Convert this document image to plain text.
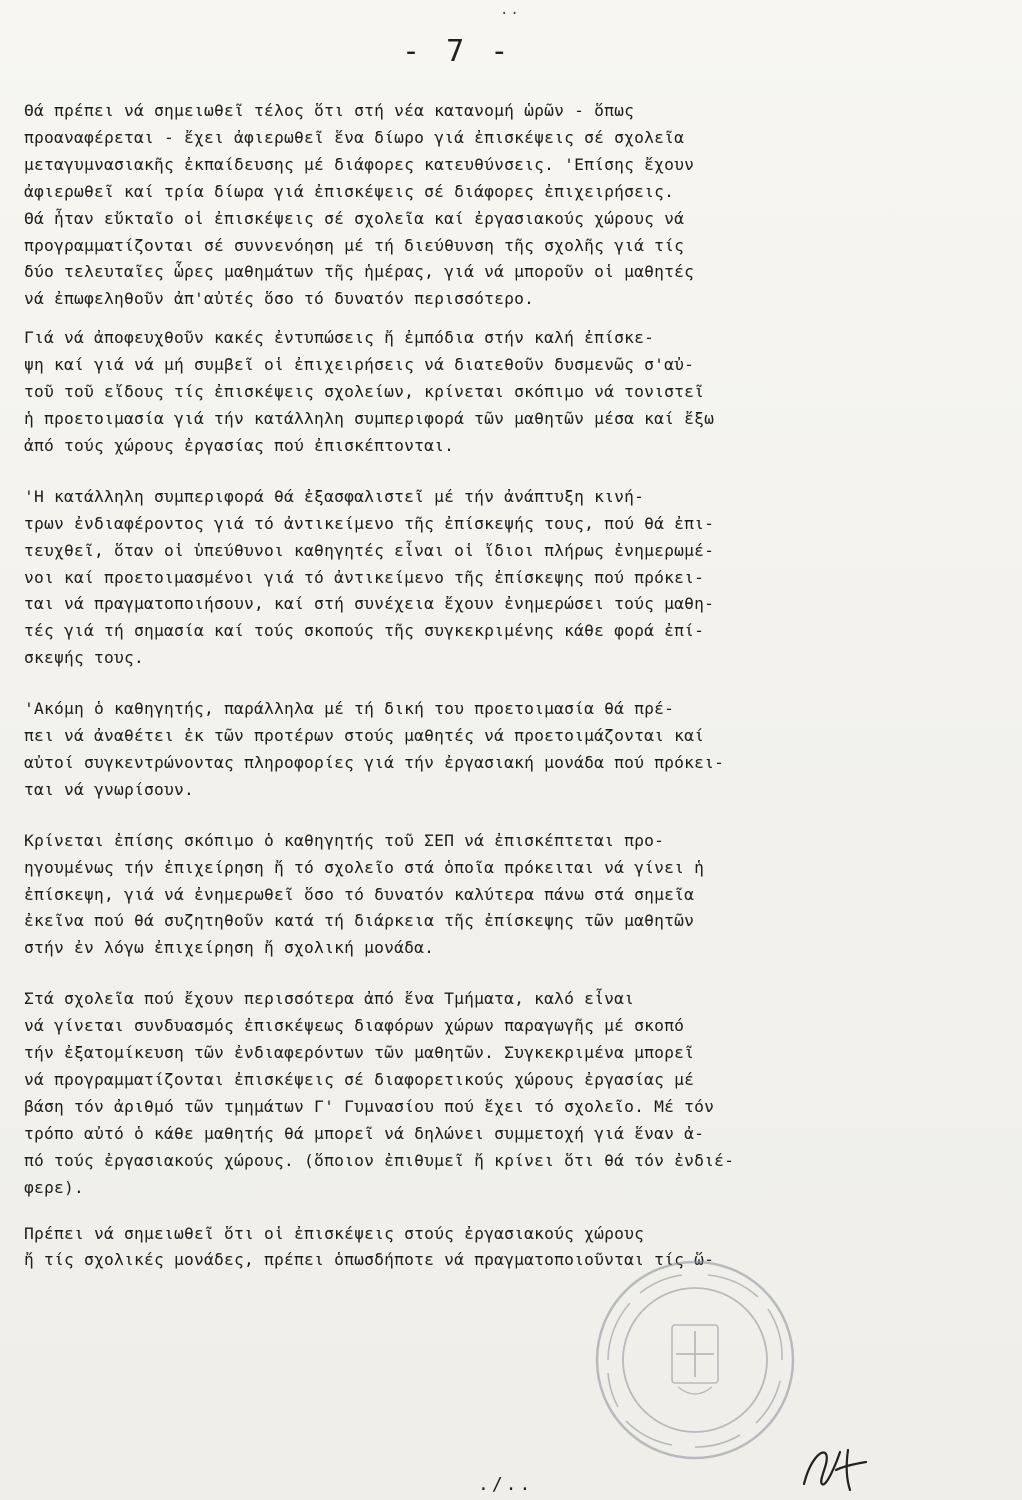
..
- 7 -

Θά πρέπει νά σημειωθεῖ τέλος ὅτι στή νέα κατανομή ὡρῶν - ὅπως

προαναφέρεται - ἔχει ἀφιερωθεῖ ἕνα δίωρο γιά ἐπισκέψεις σέ σχολεῖα

μεταγυμνασιακῆς ἐκπαίδευσης μέ διάφορες κατευθύνσεις. 'Επίσης ἔχουν

ἀφιερωθεῖ καί τρία δίωρα γιά ἐπισκέψεις σέ διάφορες ἐπιχειρήσεις.

Θά ἦταν εὔκταῖο οἱ ἐπισκέψεις σέ σχολεῖα καί ἐργασιακούς χώρους νά

προγραμματίζονται σέ συννενόηση μέ τή διεύθυνση τῆς σχολῆς γιά τίς

δύο τελευταῖες ὧρες μαθημάτων τῆς ἡμέρας, γιά νά μποροῦν οἱ μαθητές

νά ἐπωφεληθοῦν ἀπ'αὐτές ὅσο τό δυνατόν περισσότερο.

Γιά νά ἀποφευχθοῦν κακές ἐντυπώσεις ἤ ἐμπόδια στήν καλή ἐπίσκε-

ψη καί γιά νά μή συμβεῖ οἱ ἐπιχειρήσεις νά διατεθοῦν δυσμενῶς σ'αὐ-

τοῦ τοῦ εἴδους τίς ἐπισκέψεις σχολείων, κρίνεται σκόπιμο νά τονιστεῖ

ἡ προετοιμασία γιά τήν κατάλληλη συμπεριφορά τῶν μαθητῶν μέσα καί ἔξω

ἀπό τούς χώρους ἐργασίας πού ἐπισκέπτονται.

'Η κατάλληλη συμπεριφορά θά ἐξασφαλιστεῖ μέ τήν ἀνάπτυξη κινή-

τρων ἐνδιαφέροντος γιά τό ἀντικείμενο τῆς ἐπίσκεψής τους, πού θά ἐπι-

τευχθεῖ, ὅταν οἱ ὑπεύθυνοι καθηγητές εἶναι οἱ ἴδιοι πλήρως ἐνημερωμέ-

νοι καί προετοιμασμένοι γιά τό ἀντικείμενο τῆς ἐπίσκεψης πού πρόκει-

ται νά πραγματοποιήσουν, καί στή συνέχεια ἔχουν ἐνημερώσει τούς μαθη-

τές γιά τή σημασία καί τούς σκοπούς τῆς συγκεκριμένης κάθε φορά ἐπί-

σκεψής τους.

'Ακόμη ὁ καθηγητής, παράλληλα μέ τή δική του προετοιμασία θά πρέ-

πει νά ἀναθέτει ἐκ τῶν προτέρων στούς μαθητές νά προετοιμάζονται καί

αὐτοί συγκεντρώνοντας πληροφορίες γιά τήν ἐργασιακή μονάδα πού πρόκει-

ται νά γνωρίσουν.

Κρίνεται ἐπίσης σκόπιμο ὁ καθηγητής τοῦ ΣΕΠ νά ἐπισκέπτεται προ-

ηγουμένως τήν ἐπιχείρηση ἤ τό σχολεῖο στά ὁποῖα πρόκειται νά γίνει ἡ

ἐπίσκεψη, γιά νά ἐνημερωθεῖ ὅσο τό δυνατόν καλύτερα πάνω στά σημεῖα

ἐκεῖνα πού θά συζητηθοῦν κατά τή διάρκεια τῆς ἐπίσκεψης τῶν μαθητῶν

στήν ἐν λόγω ἐπιχείρηση ἤ σχολική μονάδα.

Στά σχολεῖα πού ἔχουν περισσότερα ἀπό ἕνα Τμήματα, καλό εἶναι

νά γίνεται συνδυασμός ἐπισκέψεως διαφόρων χώρων παραγωγῆς μέ σκοπό

τήν ἐξατομίκευση τῶν ἐνδιαφερόντων τῶν μαθητῶν. Συγκεκριμένα μπορεῖ

νά προγραμματίζονται ἐπισκέψεις σέ διαφορετικούς χώρους ἐργασίας μέ

βάση τόν ἀριθμό τῶν τμημάτων Γ' Γυμνασίου πού ἔχει τό σχολεῖο. Μέ τόν

τρόπο αὐτό ὁ κάθε μαθητής θά μπορεῖ νά δηλώνει συμμετοχή γιά ἕναν ἀ-

πό τούς ἐργασιακούς χώρους. (ὅποιον ἐπιθυμεῖ ἤ κρίνει ὅτι θά τόν ἐνδιέ-

φερε).

Πρέπει νά σημειωθεῖ ὅτι οἱ ἐπισκέψεις στούς ἐργασιακούς χώρους

ἤ τίς σχολικές μονάδες, πρέπει ὁπωσδήποτε νά πραγματοποιοῦνται τίς ὥ-

./..
